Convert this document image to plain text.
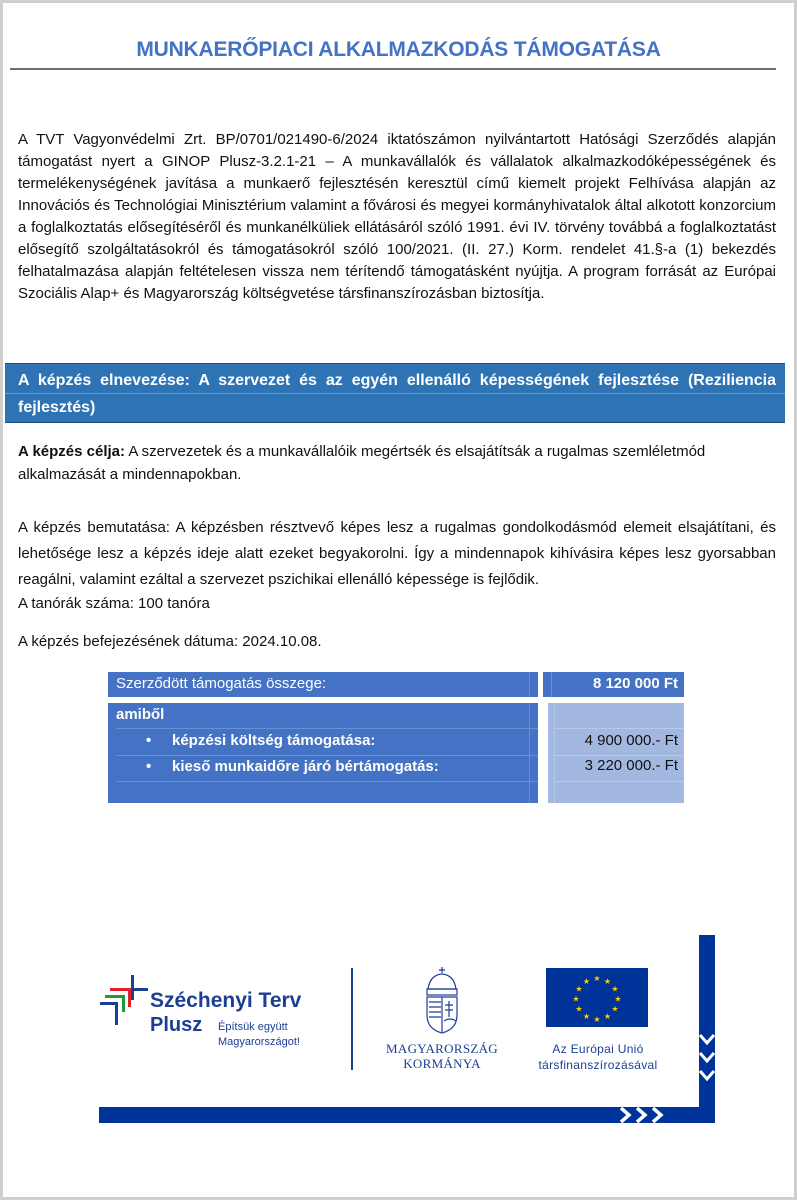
MUNKAERŐPIACI ALKALMAZKODÁS TÁMOGATÁSA
A TVT Vagyonvédelmi Zrt. BP/0701/021490-6/2024 iktatószámon nyilvántartott Hatósági Szerződés alapján támogatást nyert a GINOP Plusz-3.2.1-21 – A munkavállalók és vállalatok alkalmazkodóképességének és termelékenységének javítása a munkaerő fejlesztésén keresztül című kiemelt projekt Felhívása alapján az Innovációs és Technológiai Minisztérium valamint a fővárosi és megyei kormányhivatalok által alkotott konzorcium a foglalkoztatás elősegítéséről és munkanélküliek ellátásáról szóló 1991. évi IV. törvény továbbá a foglalkoztatást elősegítő szolgáltatásokról és támogatásokról szóló 100/2021. (II. 27.) Korm. rendelet 41.§-a (1) bekezdés felhatalmazása alapján feltételesen vissza nem térítendő támogatásként nyújtja. A program forrását az Európai Szociális Alap+ és Magyarország költségvetése társfinanszírozásban biztosítja.
A képzés elnevezése: A szervezet és az egyén ellenálló képességének fejlesztése (Reziliencia fejlesztés)
A képzés célja: A szervezetek és a munkavállalóik megértsék és elsajátítsák a rugalmas szemléletmód alkalmazását a mindennapokban.
A képzés bemutatása: A képzésben résztvevő képes lesz a rugalmas gondolkodásmód elemeit elsajátítani, és lehetősége lesz a képzés ideje alatt ezeket begyakorolni. Így a mindennapok kihívásira képes lesz gyorsabban reagálni, valamint ezáltal a szervezet pszichikai ellenálló képessége is fejlődik.
A tanórák száma: 100 tanóra
A képzés befejezésének dátuma: 2024.10.08.
Szerződött támogatás összege:	8 120 000 Ft
amiből
• képzési költség támogatása:
• kieső munkaidőre járó bértámogatás:
4 900 000.- Ft
3 220 000.- Ft
Széchenyi Terv
Plusz Építsük együtt
Magyarországot!	MAGYARORSZÁG
KORMÁNYA
★ ★
★
★
★
★
★
★
★
★
★
★
Az Európai Unió
társfinanszírozásával
